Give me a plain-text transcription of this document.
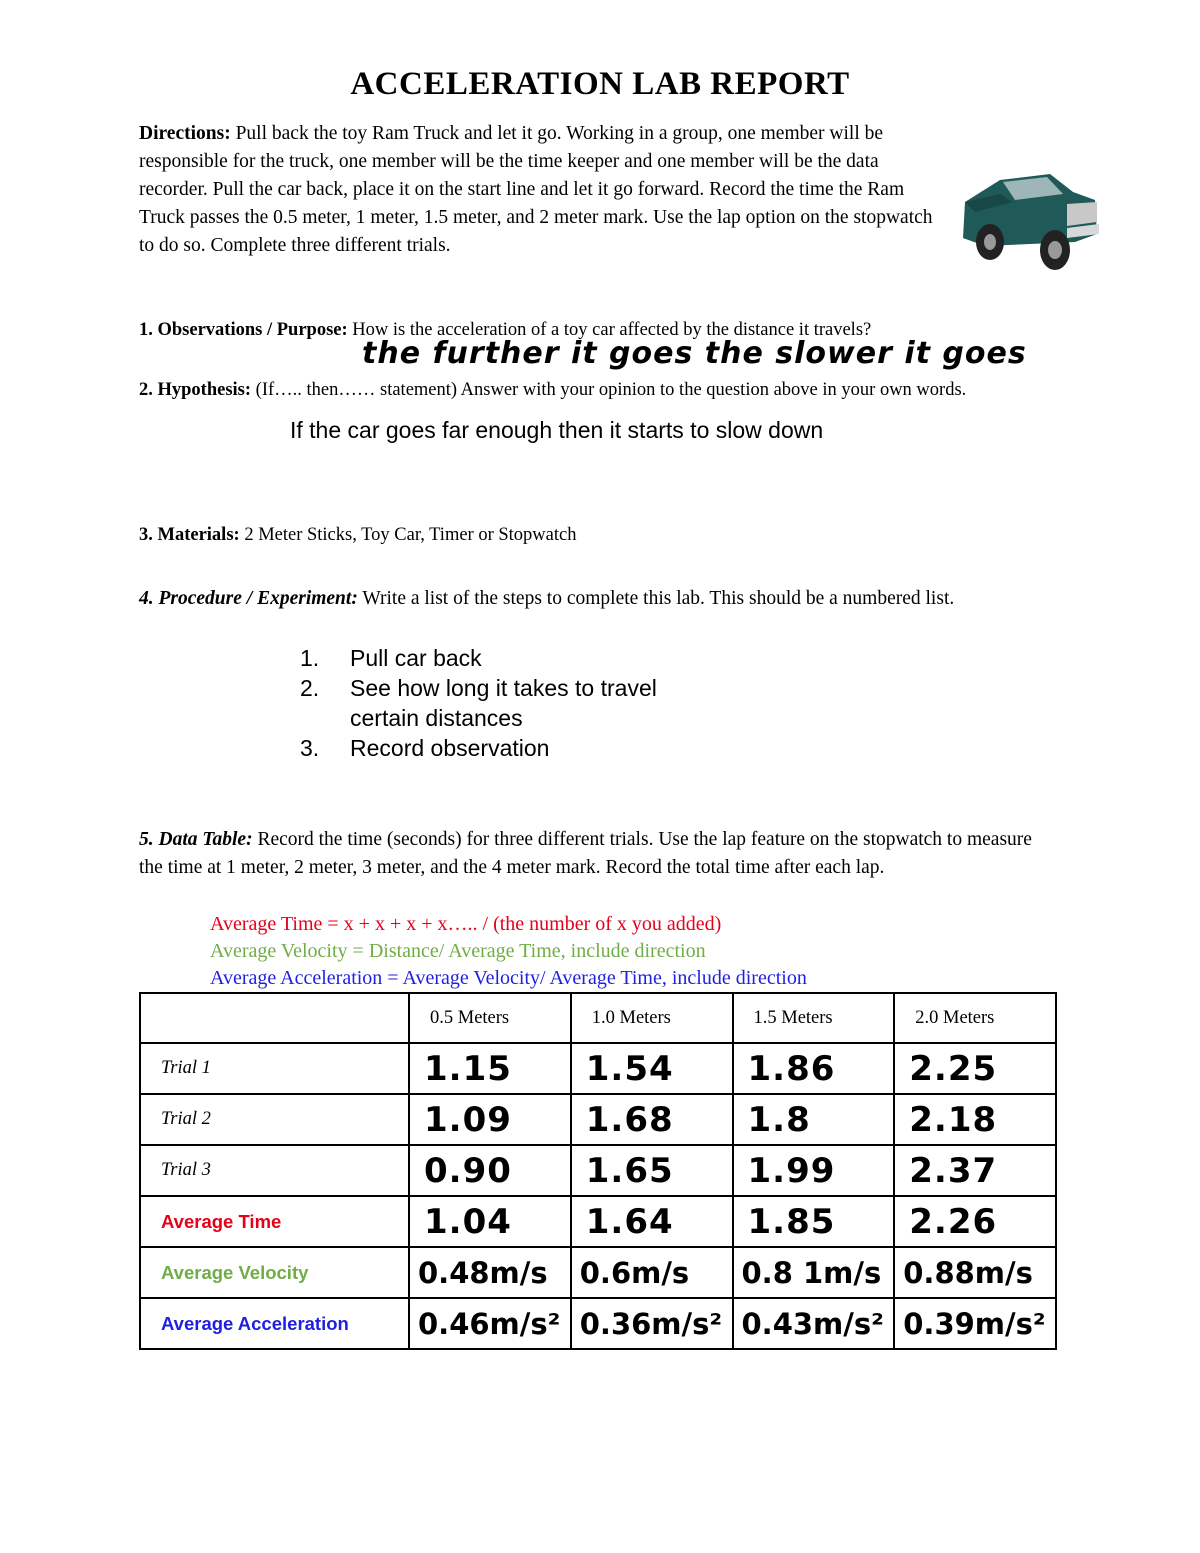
ACCELERATION LAB REPORT
Directions: Pull back the toy Ram Truck and let it go. Working in a group, one member will be responsible for the truck, one member will be the time keeper and one member will be the data recorder. Pull the car back, place it on the start line and let it go forward. Record the time the Ram Truck passes the 0.5 meter, 1 meter, 1.5 meter, and 2 meter mark. Use the lap option on the stopwatch to do so. Complete three different trials.
1. Observations / Purpose: How is the acceleration of a toy car affected by the distance it travels?
the further it goes the slower it goes
2. Hypothesis: (If….. then…… statement) Answer with your opinion to the question above in your own words.
If the car goes far enough then it starts to slow down
3. Materials: 2 Meter Sticks, Toy Car, Timer or Stopwatch
4. Procedure / Experiment: Write a list of the steps to complete this lab. This should be a numbered list.
1.	Pull car back
2.	See how long it takes to travel certain distances
3.	Record observation
5. Data Table: Record the time (seconds) for three different trials. Use the lap feature on the stopwatch to measure the time at 1 meter, 2 meter, 3 meter, and the 4 meter mark. Record the total time after each lap.
Average Time = x + x + x + x….. / (the number of x you added)
Average Velocity = Distance/ Average Time, include direction
Average Acceleration = Average Velocity/ Average Time, include direction
	0.5 Meters	1.0 Meters	1.5 Meters	2.0 Meters
Trial 1	1.15	1.54	1.86	2.25
Trial 2	1.09	1.68	1.8	2.18
Trial 3	0.90	1.65	1.99	2.37
Average Time	1.04	1.64	1.85	2.26
Average Velocity	0.48m/s	0.6m/s	0.8 1m/s	0.88m/s
Average Acceleration	0.46m/s²	0.36m/s²	0.43m/s²	0.39m/s²
